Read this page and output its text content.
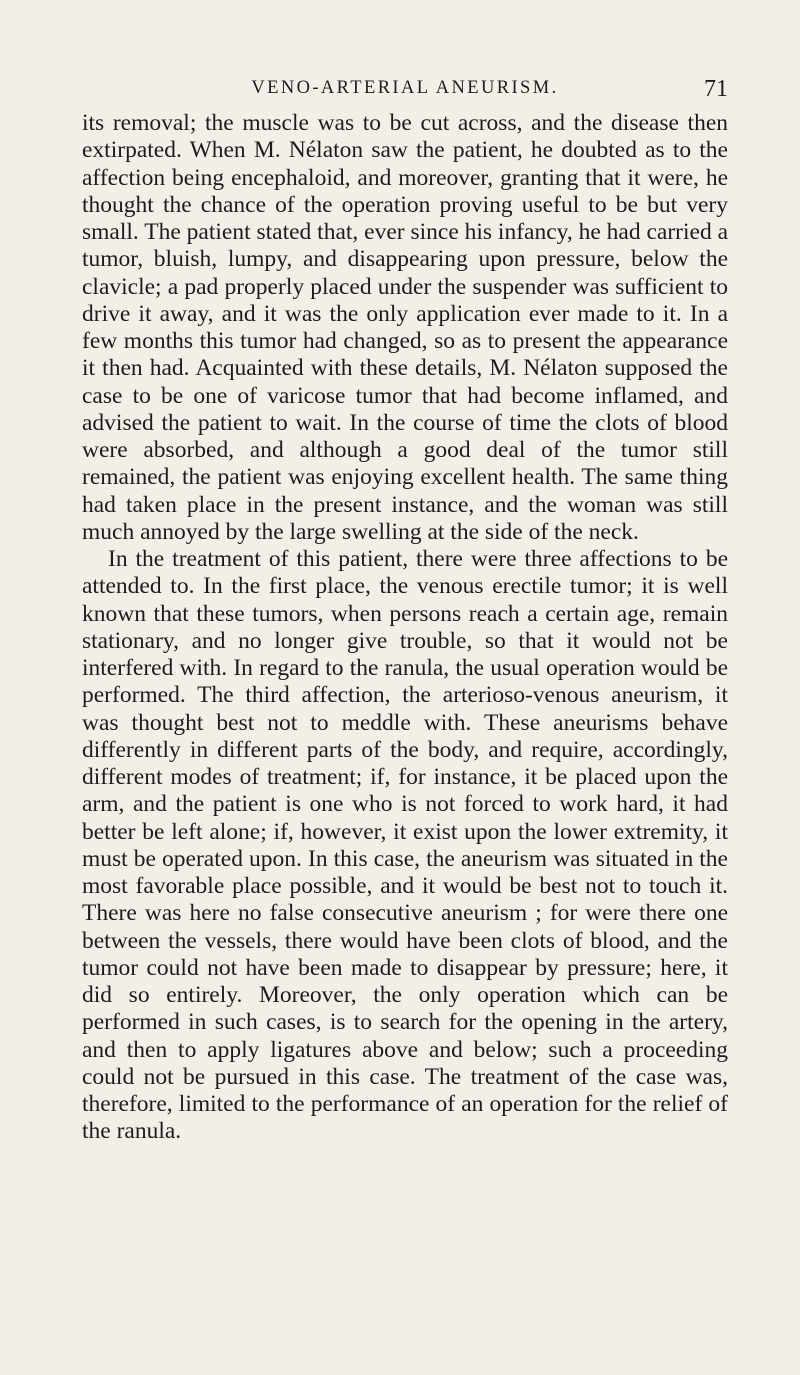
VENO-ARTERIAL ANEURISM.	71

its removal; the muscle was to be cut across, and the disease then extirpated. When M. Nélaton saw the patient, he doubted as to the affection being encephaloid, and moreover, granting that it were, he thought the chance of the operation proving useful to be but very small. The patient stated that, ever since his infancy, he had carried a tumor, bluish, lumpy, and disappearing upon pressure, below the clavicle; a pad properly placed under the suspender was sufficient to drive it away, and it was the only application ever made to it. In a few months this tumor had changed, so as to present the appearance it then had. Acquainted with these details, M. Nélaton supposed the case to be one of varicose tumor that had become inflamed, and advised the patient to wait. In the course of time the clots of blood were absorbed, and although a good deal of the tumor still remained, the patient was enjoying excellent health. The same thing had taken place in the present instance, and the woman was still much annoyed by the large swelling at the side of the neck.

In the treatment of this patient, there were three affections to be attended to. In the first place, the venous erectile tumor; it is well known that these tumors, when persons reach a certain age, remain stationary, and no longer give trouble, so that it would not be interfered with. In regard to the ranula, the usual operation would be performed. The third affection, the arterioso-venous aneurism, it was thought best not to meddle with. These aneurisms behave differently in different parts of the body, and require, accordingly, different modes of treatment; if, for instance, it be placed upon the arm, and the patient is one who is not forced to work hard, it had better be left alone; if, however, it exist upon the lower extremity, it must be operated upon. In this case, the aneurism was situated in the most favorable place possible, and it would be best not to touch it. There was here no false consecutive aneurism ; for were there one between the vessels, there would have been clots of blood, and the tumor could not have been made to disappear by pressure; here, it did so entirely. Moreover, the only operation which can be performed in such cases, is to search for the opening in the artery, and then to apply ligatures above and below; such a proceeding could not be pursued in this case. The treatment of the case was, therefore, limited to the performance of an operation for the relief of the ranula.
